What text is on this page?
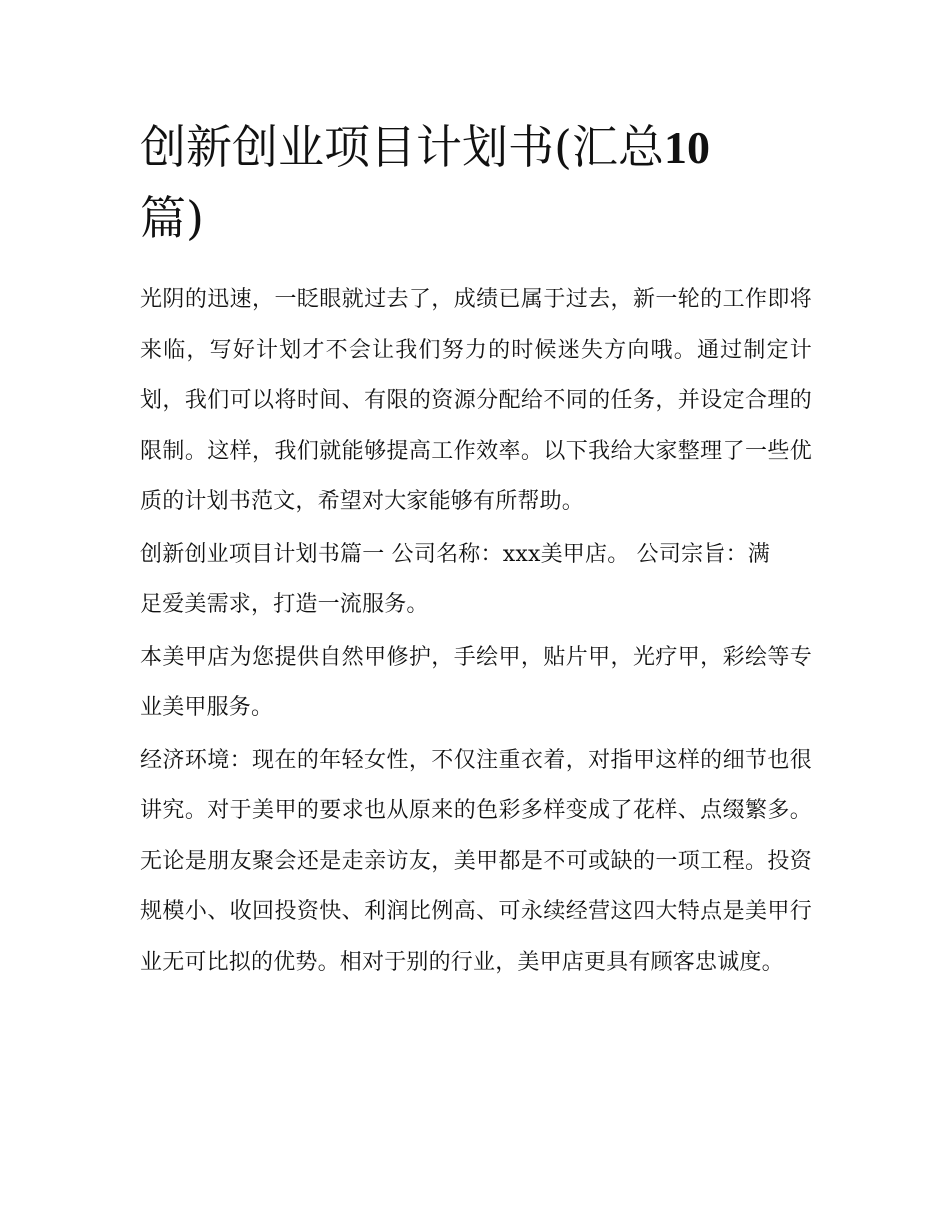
创新创业项目计划书(汇总10
篇)

光阴的迅速，一眨眼就过去了，成绩已属于过去，新一轮的工作即将来临，写好计划才不会让我们努力的时候迷失方向哦。通过制定计划，我们可以将时间、有限的资源分配给不同的任务，并设定合理的限制。这样，我们就能够提高工作效率。以下我给大家整理了一些优质的计划书范文，希望对大家能够有所帮助。

创新创业项目计划书篇一 公司名称：xxx美甲店。 公司宗旨：满足爱美需求，打造一流服务。

本美甲店为您提供自然甲修护，手绘甲，贴片甲，光疗甲，彩绘等专业美甲服务。

经济环境：现在的年轻女性，不仅注重衣着，对指甲这样的细节也很讲究。对于美甲的要求也从原来的色彩多样变成了花样、点缀繁多。无论是朋友聚会还是走亲访友，美甲都是不可或缺的一项工程。投资规模小、收回投资快、利润比例高、可永续经营这四大特点是美甲行业无可比拟的优势。相对于别的行业，美甲店更具有顾客忠诚度。
